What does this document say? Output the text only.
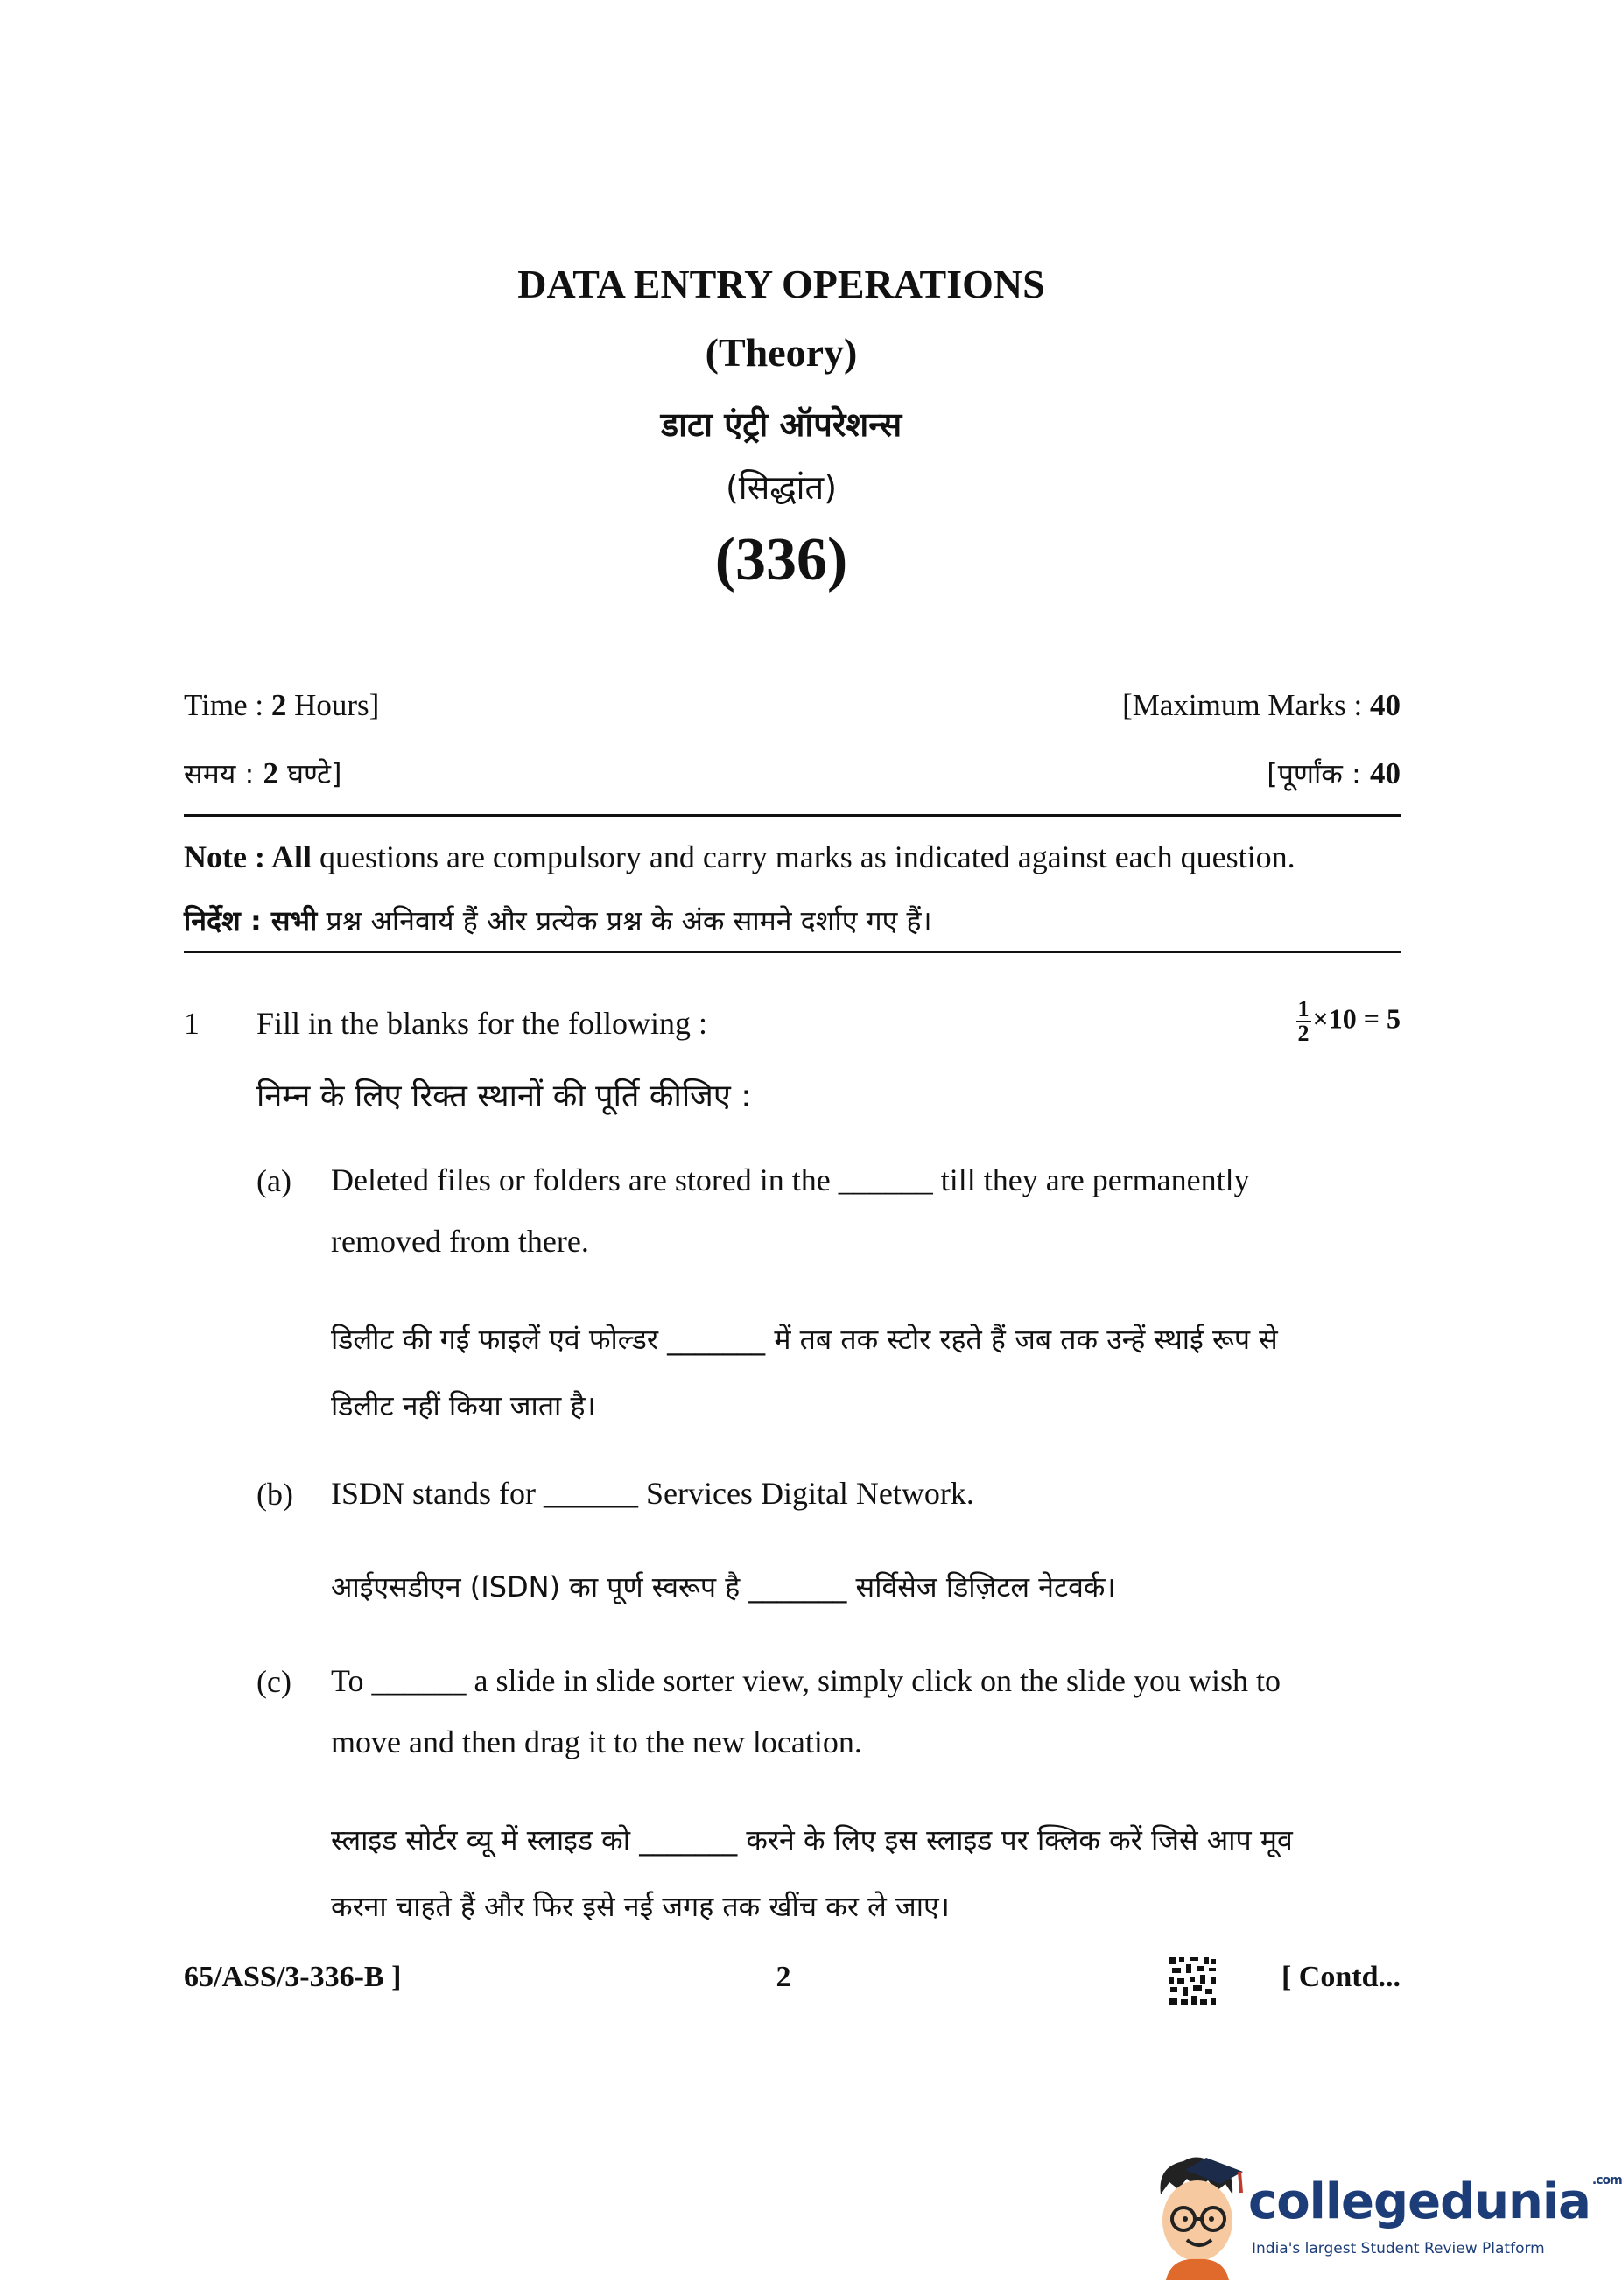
DATA ENTRY OPERATIONS
(Theory)
डाटा एंट्री ऑपरेशन्स
(सिद्धांत)
(336)
Time : 2 Hours]	[Maximum Marks : 40
समय : 2 घण्टे]	[पूर्णांक : 40
Note : All questions are compulsory and carry marks as indicated against each question.
निर्देश : सभी प्रश्न अनिवार्य हैं और प्रत्येक प्रश्न के अंक सामने दर्शाए गए हैं।
1 Fill in the blanks for the following :	$\frac{1}{2} \times 10 = 5$
निम्न के लिए रिक्त स्थानों की पूर्ति कीजिए :
(a) Deleted files or folders are stored in the ______ till they are permanently removed from there.
डिलीट की गई फाइलें एवं फोल्डर _______ में तब तक स्टोर रहते हैं जब तक उन्हें स्थाई रूप से डिलीट नहीं किया जाता है।
(b) ISDN stands for ______ Services Digital Network.
आईएसडीएन (ISDN) का पूर्ण स्वरूप है _______ सर्विसेज डिज़िटल नेटवर्क।
(c) To ______ a slide in slide sorter view, simply click on the slide you wish to move and then drag it to the new location.
स्लाइड सोर्टर व्यू में स्लाइड को _______ करने के लिए इस स्लाइड पर क्लिक करें जिसे आप मूव करना चाहते हैं और फिर इसे नई जगह तक खींच कर ले जाए।
65/ASS/3-336-B ]	2	[ Contd...
collegedunia $^{.com}$
India's largest Student Review Platform
